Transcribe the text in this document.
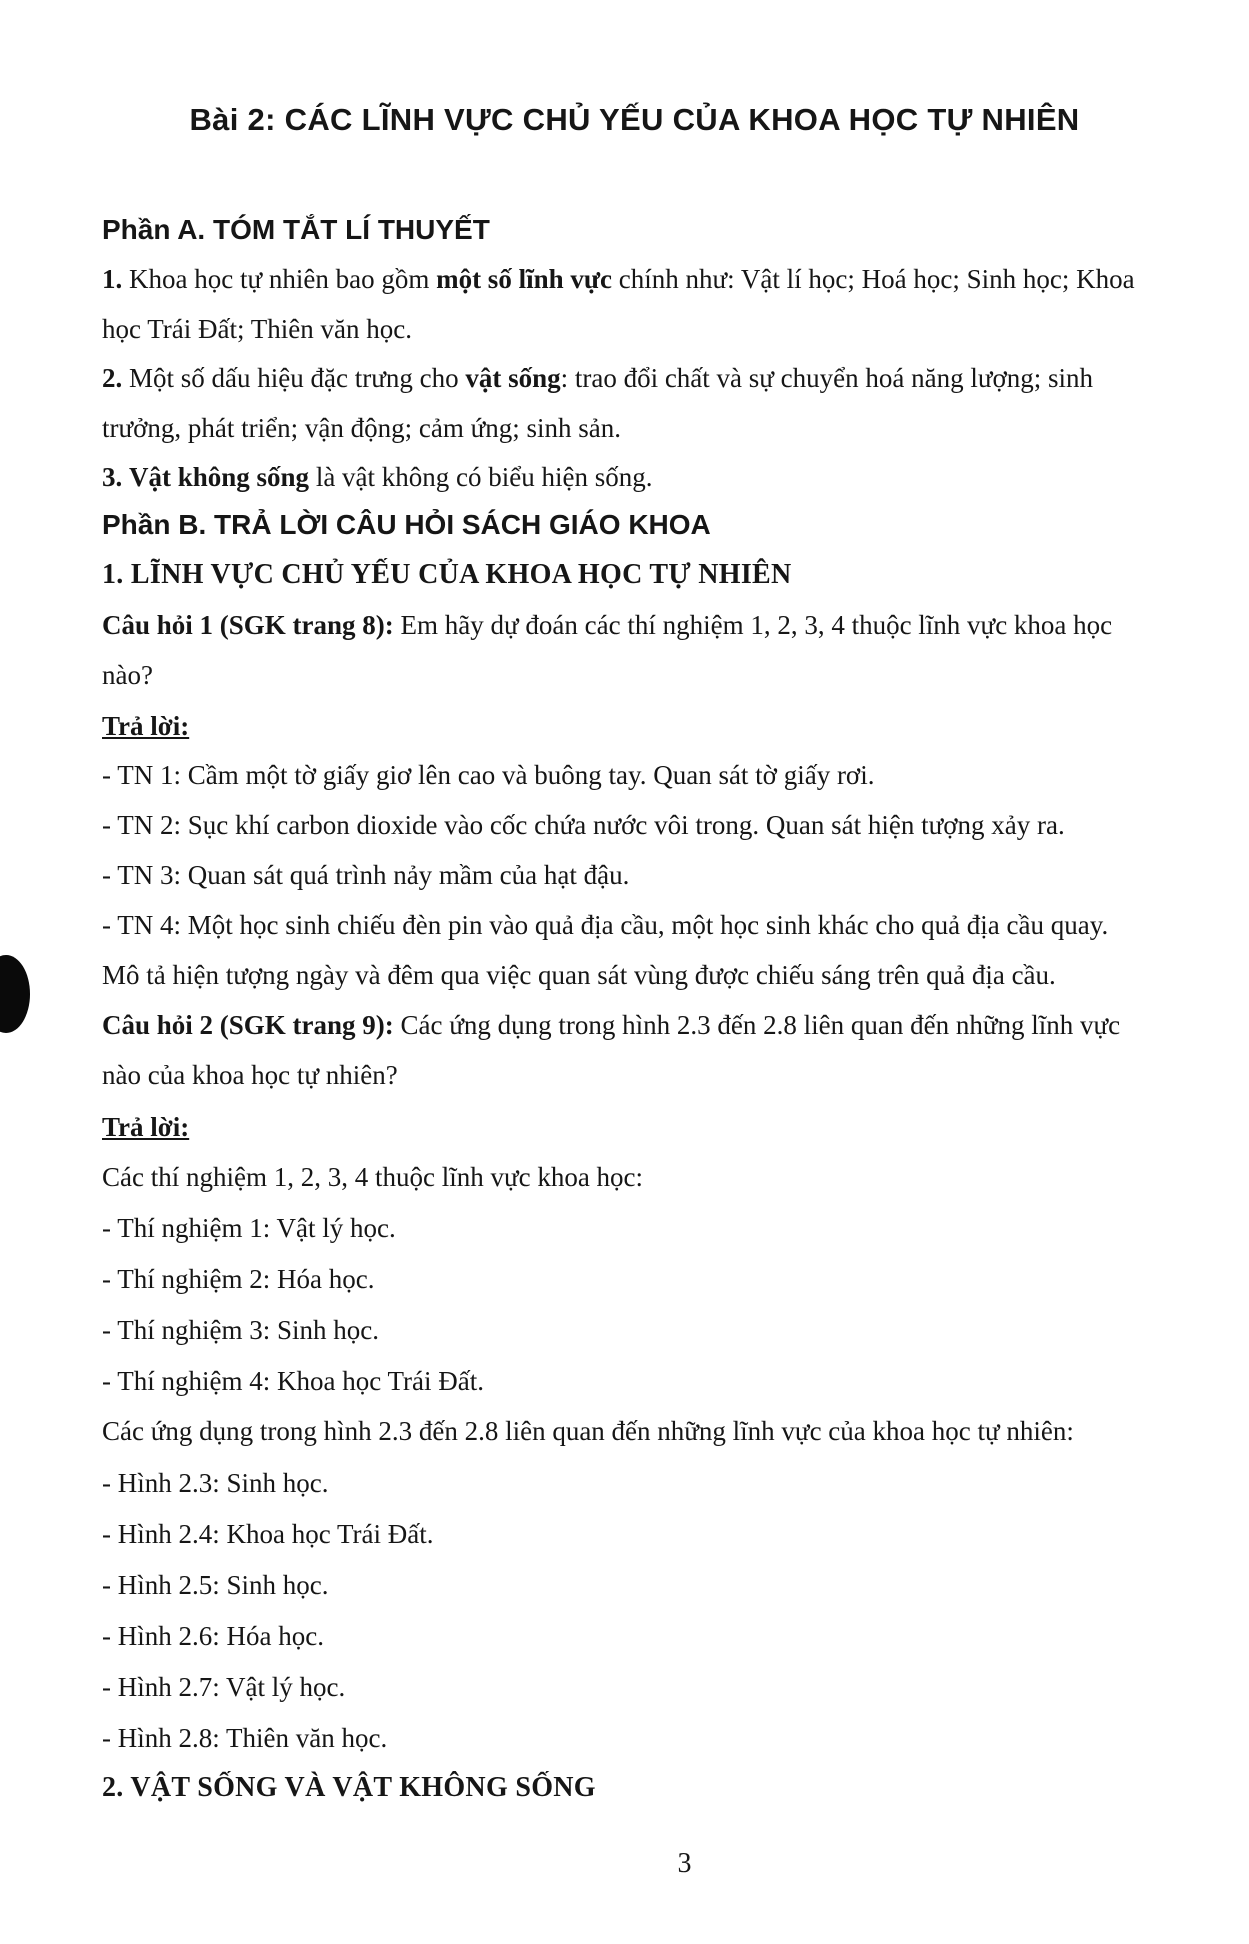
Bài 2: CÁC LĨNH VỰC CHỦ YẾU CỦA KHOA HỌC TỰ NHIÊN
Phần A. TÓM TẮT LÍ THUYẾT
1. Khoa học tự nhiên bao gồm một số lĩnh vực chính như: Vật lí học; Hoá học; Sinh học; Khoa
học Trái Đất; Thiên văn học.
2. Một số dấu hiệu đặc trưng cho vật sống: trao đổi chất và sự chuyển hoá năng lượng; sinh
trưởng, phát triển; vận động; cảm ứng; sinh sản.
3. Vật không sống là vật không có biểu hiện sống.
Phần B. TRẢ LỜI CÂU HỎI SÁCH GIÁO KHOA
1. LĨNH VỰC CHỦ YẾU CỦA KHOA HỌC TỰ NHIÊN
Câu hỏi 1 (SGK trang 8): Em hãy dự đoán các thí nghiệm 1, 2, 3, 4 thuộc lĩnh vực khoa học
nào?
Trả lời:
- TN 1: Cầm một tờ giấy giơ lên cao và buông tay. Quan sát tờ giấy rơi.
- TN 2: Sục khí carbon dioxide vào cốc chứa nước vôi trong. Quan sát hiện tượng xảy ra.
- TN 3: Quan sát quá trình nảy mầm của hạt đậu.
- TN 4: Một học sinh chiếu đèn pin vào quả địa cầu, một học sinh khác cho quả địa cầu quay.
Mô tả hiện tượng ngày và đêm qua việc quan sát vùng được chiếu sáng trên quả địa cầu.
Câu hỏi 2 (SGK trang 9): Các ứng dụng trong hình 2.3 đến 2.8 liên quan đến những lĩnh vực
nào của khoa học tự nhiên?
Trả lời:
Các thí nghiệm 1, 2, 3, 4 thuộc lĩnh vực khoa học:
- Thí nghiệm 1: Vật lý học.
- Thí nghiệm 2: Hóa học.
- Thí nghiệm 3: Sinh học.
- Thí nghiệm 4: Khoa học Trái Đất.
Các ứng dụng trong hình 2.3 đến 2.8 liên quan đến những lĩnh vực của khoa học tự nhiên:
- Hình 2.3: Sinh học.
- Hình 2.4: Khoa học Trái Đất.
- Hình 2.5: Sinh học.
- Hình 2.6: Hóa học.
- Hình 2.7: Vật lý học.
- Hình 2.8: Thiên văn học.
2. VẬT SỐNG VÀ VẬT KHÔNG SỐNG
3
